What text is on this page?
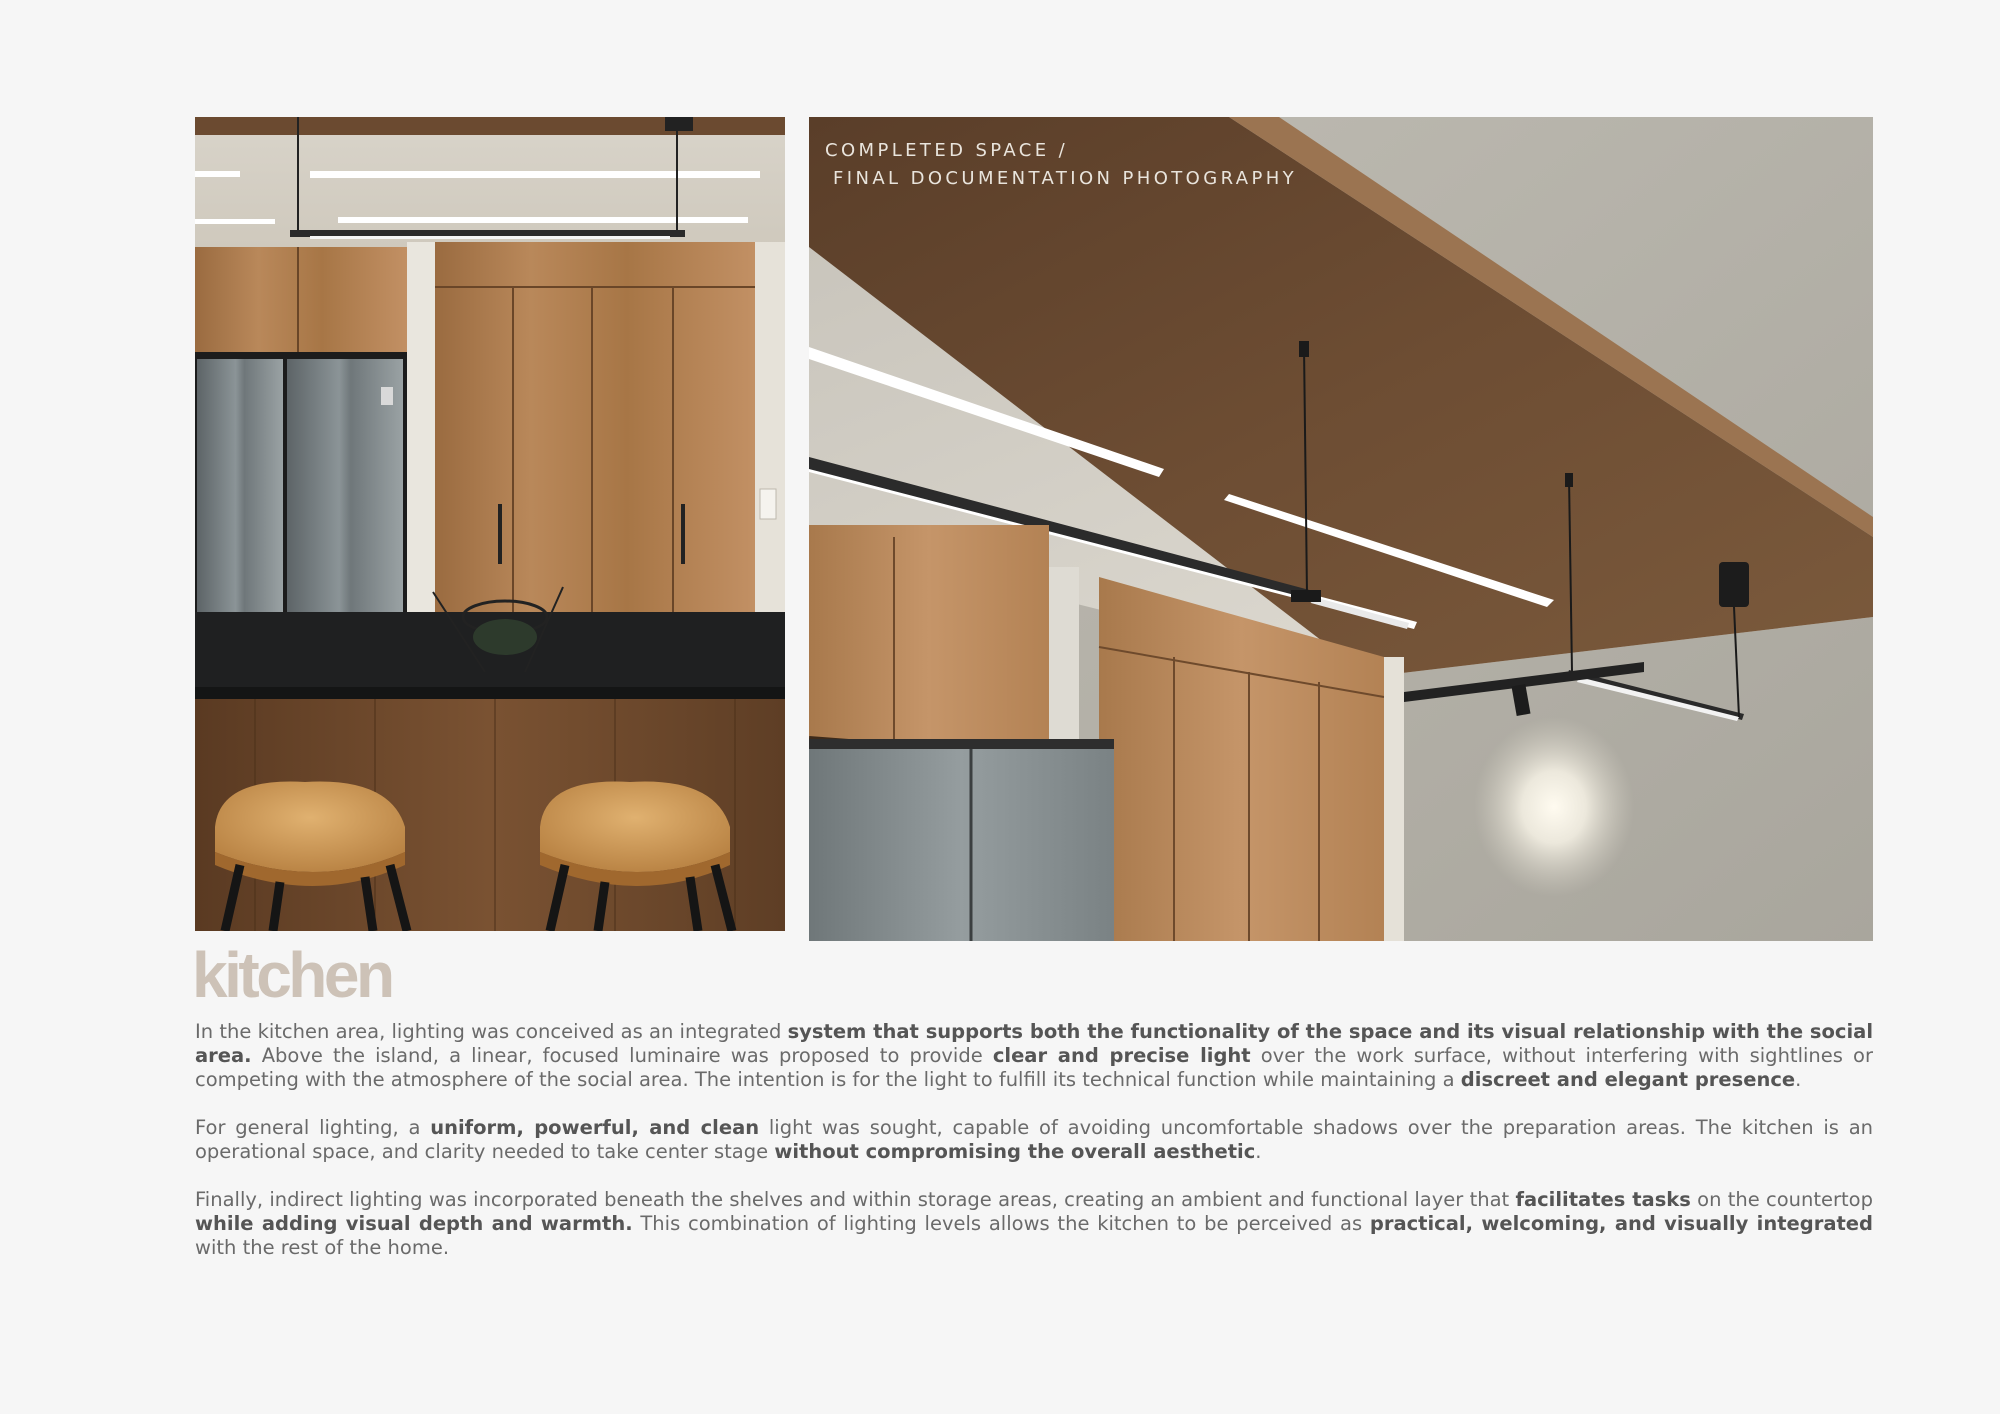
COMPLETED SPACE /
FINAL DOCUMENTATION PHOTOGRAPHY
kitchen

In the kitchen area, lighting was conceived as an integrated system that supports both the functionality of the space and its visual relationship with the social area. Above the island, a linear, focused luminaire was proposed to provide clear and precise light over the work surface, without interfering with sightlines or competing with the atmosphere of the social area. The intention is for the light to fulfill its technical function while maintaining a discreet and elegant presence.

For general lighting, a uniform, powerful, and clean light was sought, capable of avoiding uncomfortable shadows over the preparation areas. The kitchen is an operational space, and clarity needed to take center stage without compromising the overall aesthetic.

Finally, indirect lighting was incorporated beneath the shelves and within storage areas, creating an ambient and functional layer that facilitates tasks on the countertop while adding visual depth and warmth. This combination of lighting levels allows the kitchen to be perceived as practical, welcoming, and visually integrated with the rest of the home.
